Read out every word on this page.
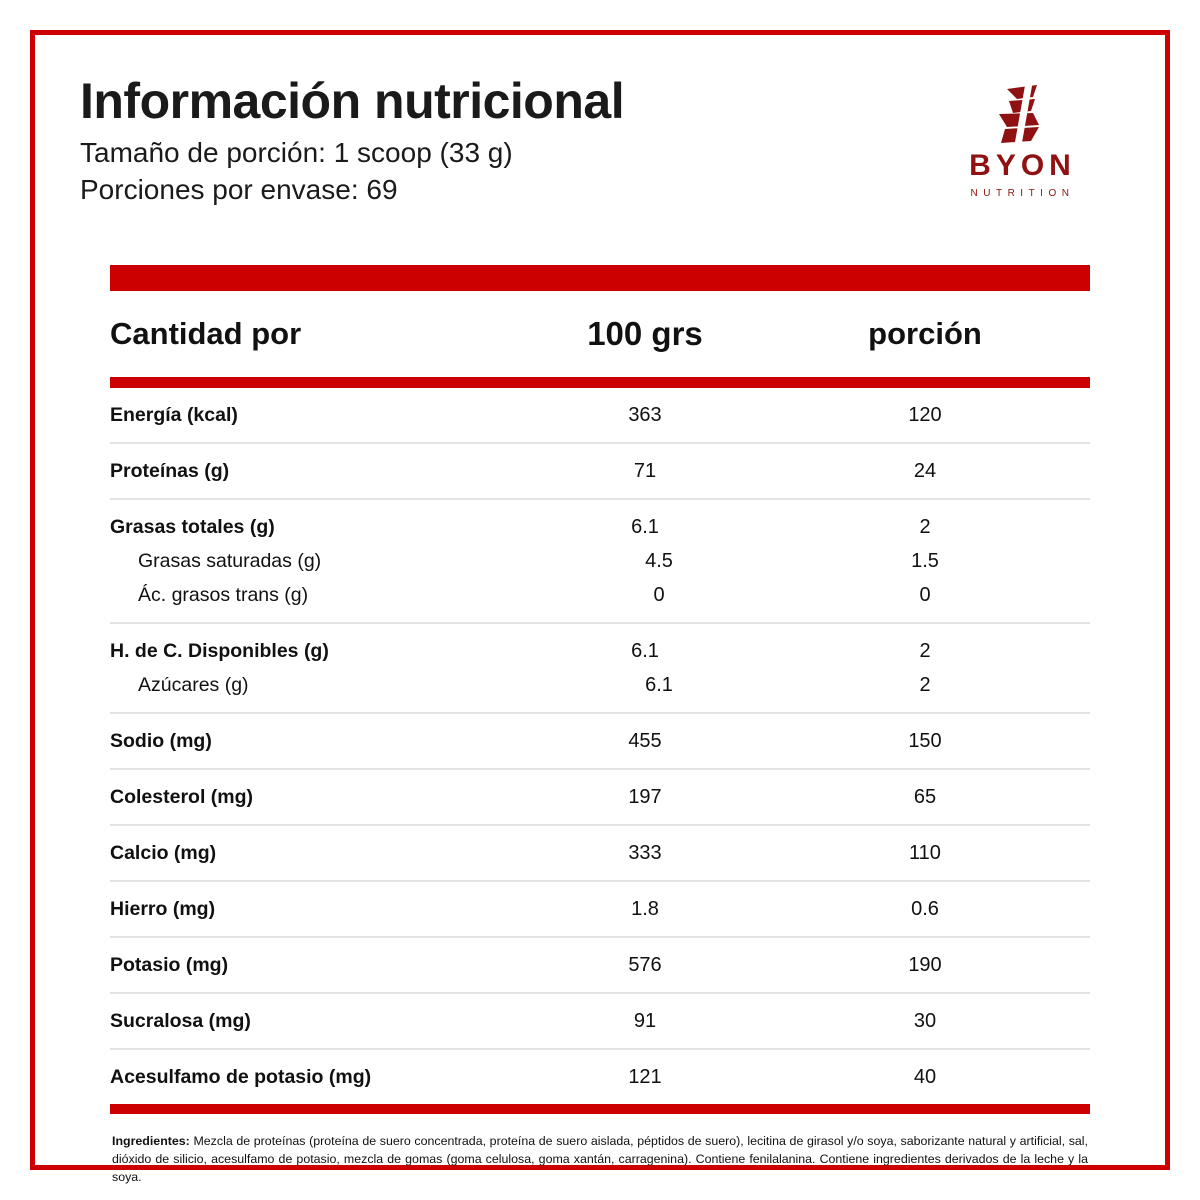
Información nutricional

Tamaño de porción: 1 scoop (33 g)

Porciones por envase: 69

BYON
NUTRITION
Cantidad por	100 grs	porción
Energía (kcal)	363	120
Proteínas (g)	71	24
Grasas totales (g)	6.1	2
Grasas saturadas (g)	4.5	1.5
Ác. grasos trans (g)	0	0
H. de C. Disponibles (g)	6.1	2
Azúcares (g)	6.1	2
Sodio (mg)	455	150
Colesterol (mg)	197	65
Calcio (mg)	333	110
Hierro (mg)	1.8	0.6
Potasio (mg)	576	190
Sucralosa (mg)	91	30
Acesulfamo de potasio (mg)	121	40

Ingredientes: Mezcla de proteínas (proteína de suero concentrada, proteína de suero aislada, péptidos de suero), lecitina de girasol y/o soya, saborizante natural y artificial, sal, dióxido de silicio, acesulfamo de potasio, mezcla de gomas (goma celulosa, goma xantán, carragenina). Contiene fenilalanina. Contiene ingredientes derivados de la leche y la soya.
